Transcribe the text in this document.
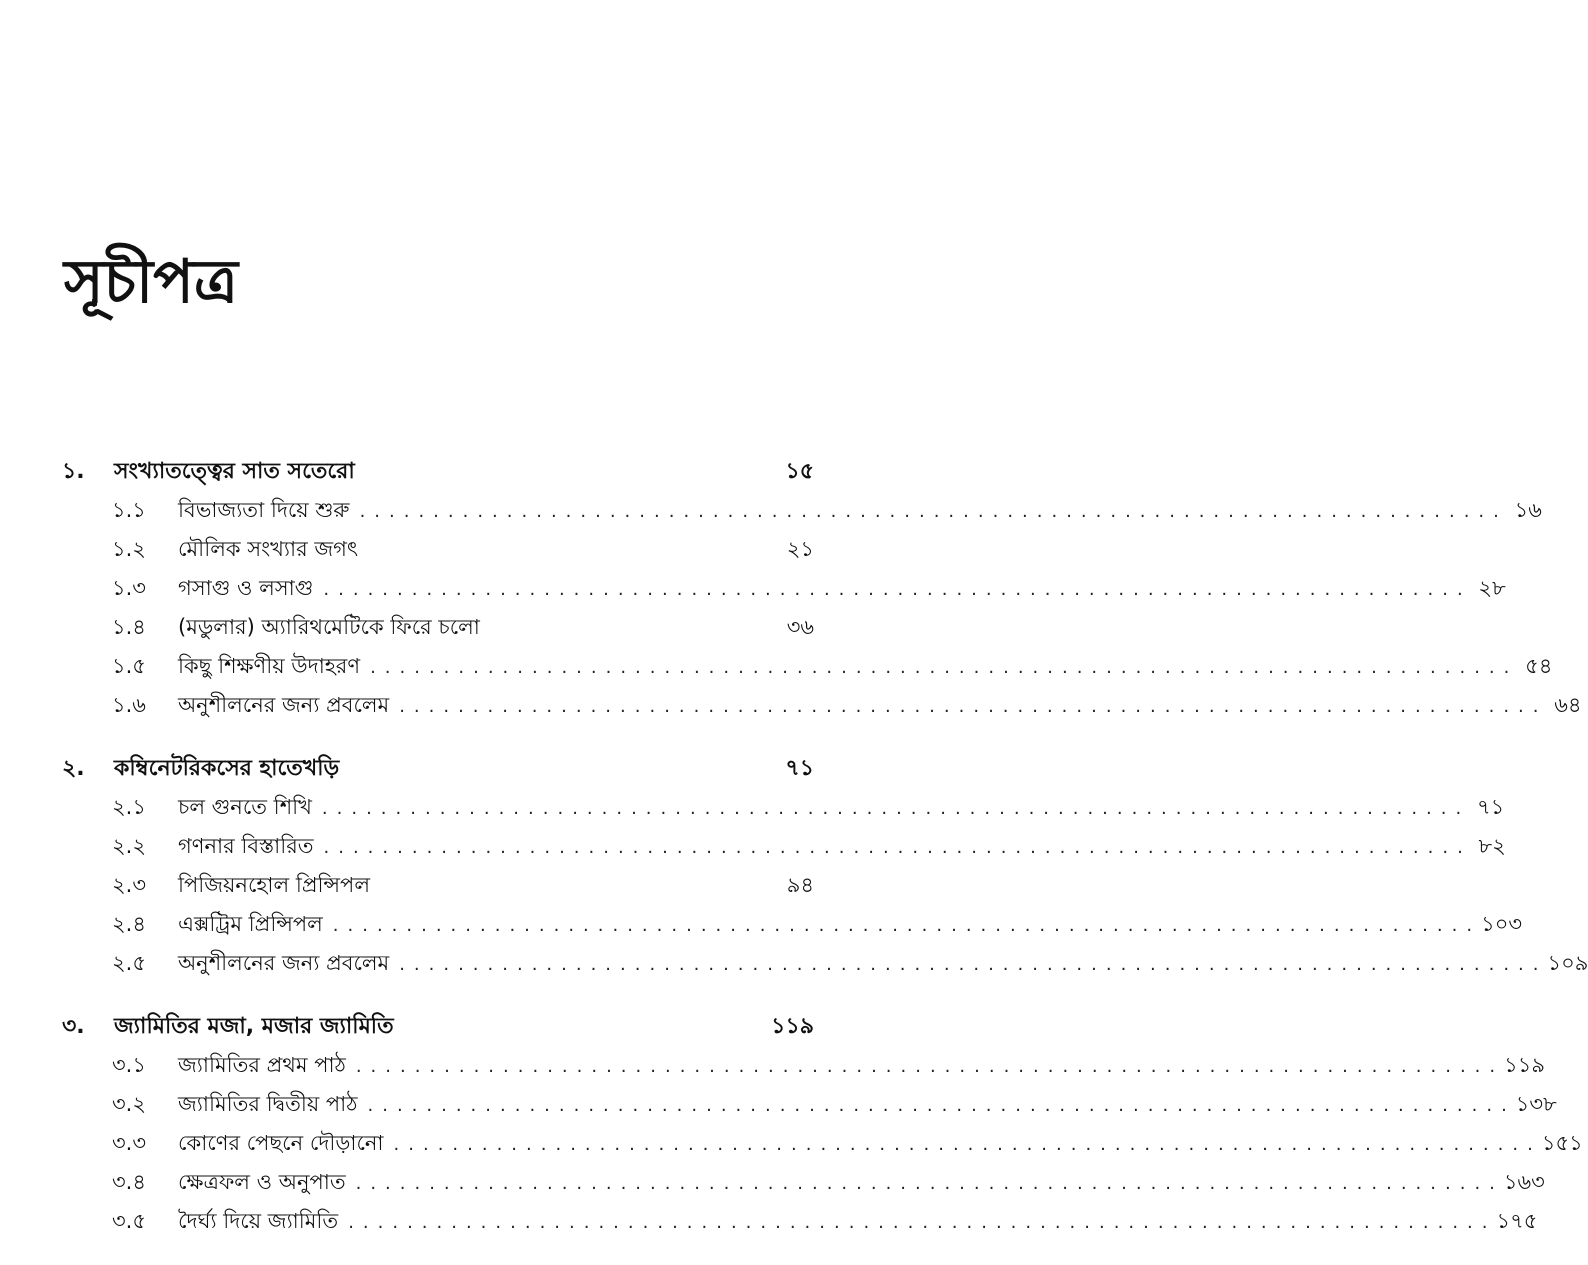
সূচীপত্র
১.	সংখ্যাতত্ত্বের সাত সতেরো	১৫
১.১	বিভাজ্যতা দিয়ে শুরু .............................................................................. ১৬
১.২	মৌলিক সংখ্যার জগৎ	২১
১.৩	গসাগু ও লসাগু .............................................................................. ২৮
১.৪	(মডুলার) অ্যারিথমেটিকে ফিরে চলো	৩৬
১.৫	কিছু শিক্ষণীয় উদাহরণ .............................................................................. ৫৪
১.৬	অনুশীলনের জন্য প্রবলেম .............................................................................. ৬৪
২.	কম্বিনেটরিকসের হাতেখড়ি	৭১
২.১	চল গুনতে শিখি .............................................................................. ৭১
২.২	গণনার বিস্তারিত .............................................................................. ৮২
২.৩	পিজিয়নহোল প্রিন্সিপল	৯৪
২.৪	এক্সট্রিম প্রিন্সিপল .............................................................................. ১০৩
২.৫	অনুশীলনের জন্য প্রবলেম .............................................................................. ১০৯
৩.	জ্যামিতির মজা, মজার জ্যামিতি	১১৯
৩.১	জ্যামিতির প্রথম পাঠ .............................................................................. ১১৯
৩.২	জ্যামিতির দ্বিতীয় পাঠ .............................................................................. ১৩৮
৩.৩	কোণের পেছনে দৌড়ানো .............................................................................. ১৫১
৩.৪	ক্ষেত্রফল ও অনুপাত .............................................................................. ১৬৩
৩.৫	দৈর্ঘ্য দিয়ে জ্যামিতি .............................................................................. ১৭৫
